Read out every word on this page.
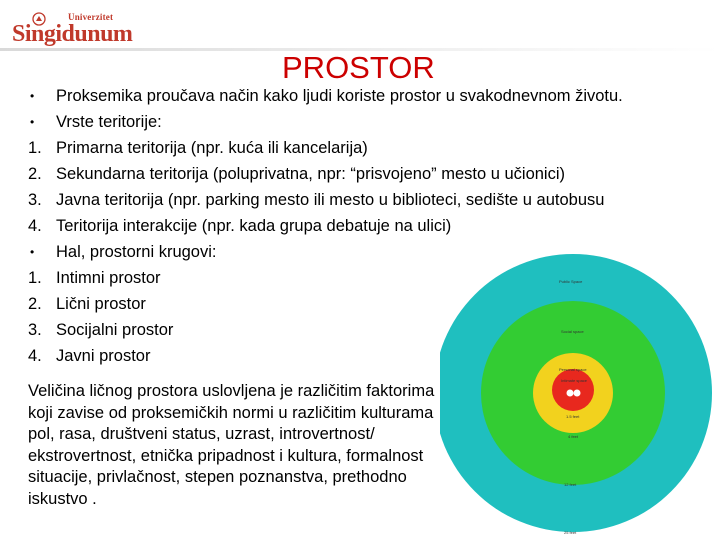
Univerzitet
Singidunum
PROSTOR
•	Proksemika proučava način kako ljudi koriste prostor u svakodnevnom životu.
•	Vrste teritorije:
1. Primarna teritorija (npr. kuća ili kancelarija)
2. Sekundarna teritorija (poluprivatna, npr: “prisvojeno” mesto u učionici)
3. Javna teritorija (npr. parking mesto ili mesto u biblioteci, sedište u autobusu
4. Teritorija interakcije (npr. kada grupa debatuje na ulici)
•	Hal, prostorni krugovi:
1. Intimni prostor
2. Lični prostor
3. Socijalni prostor
4. Javni prostor

Veličina ličnog prostora uslovljena je različitim faktorima koji zavise od proksemičkih normi u različitim kulturama pol, rasa, društveni status, uzrast, introvertnost/ ekstrovertnost, etnička pripadnost i kultura, formalnost situacije, privlačnost, stepen poznanstva, prethodno iskustvo .

Public Space
Social space
Personal space
Intimate space
1.5 feet
4 feet
12 feet
25 feet
